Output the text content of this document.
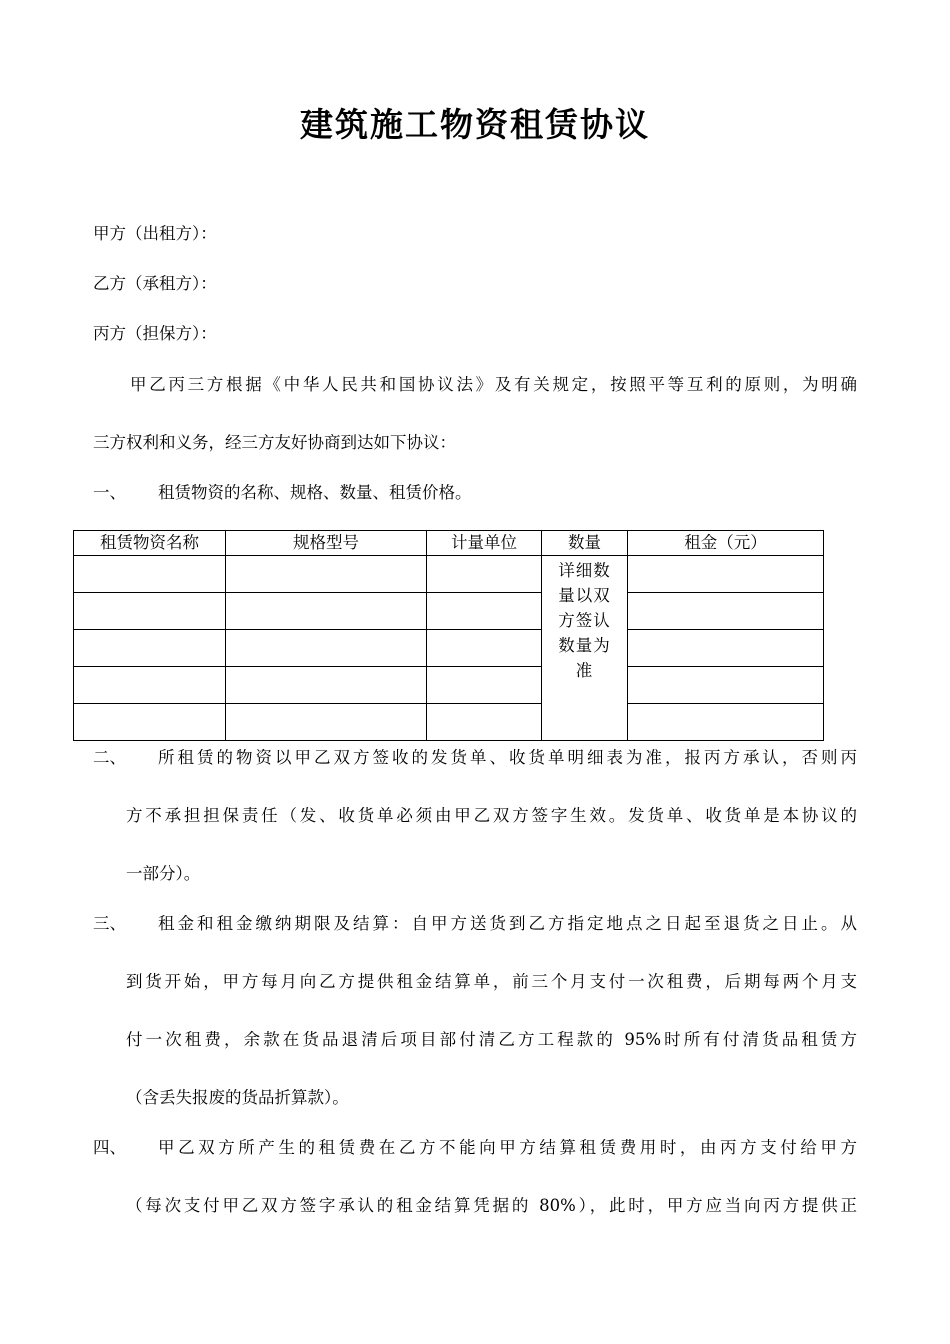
建筑施工物资租赁协议
甲方（出租方）：
乙方（承租方）：
丙方（担保方）：
甲乙丙三方根据《中华人民共和国协议法》及有关规定，按照平等互利的原则，为明确
三方权利和义务，经三方友好协商到达如下协议：
一、 租赁物资的名称、规格、数量、租赁价格。
租赁物资名称	规格型号	计量单位	数量	租金（元）
			详细数量以双方签认数量为准	

二、 所租赁的物资以甲乙双方签收的发货单、收货单明细表为准，报丙方承认，否则丙
方不承担担保责任（发、收货单必须由甲乙双方签字生效。发货单、收货单是本协议的
一部分）。
三、 租金和租金缴纳期限及结算：自甲方送货到乙方指定地点之日起至退货之日止。从
到货开始，甲方每月向乙方提供租金结算单，前三个月支付一次租费，后期每两个月支
付一次租费，余款在货品退清后项目部付清乙方工程款的 95%时所有付清货品租赁方
（含丢失报废的货品折算款）。
四、 甲乙双方所产生的租赁费在乙方不能向甲方结算租赁费用时，由丙方支付给甲方
（每次支付甲乙双方签字承认的租金结算凭据的 80%），此时，甲方应当向丙方提供正
